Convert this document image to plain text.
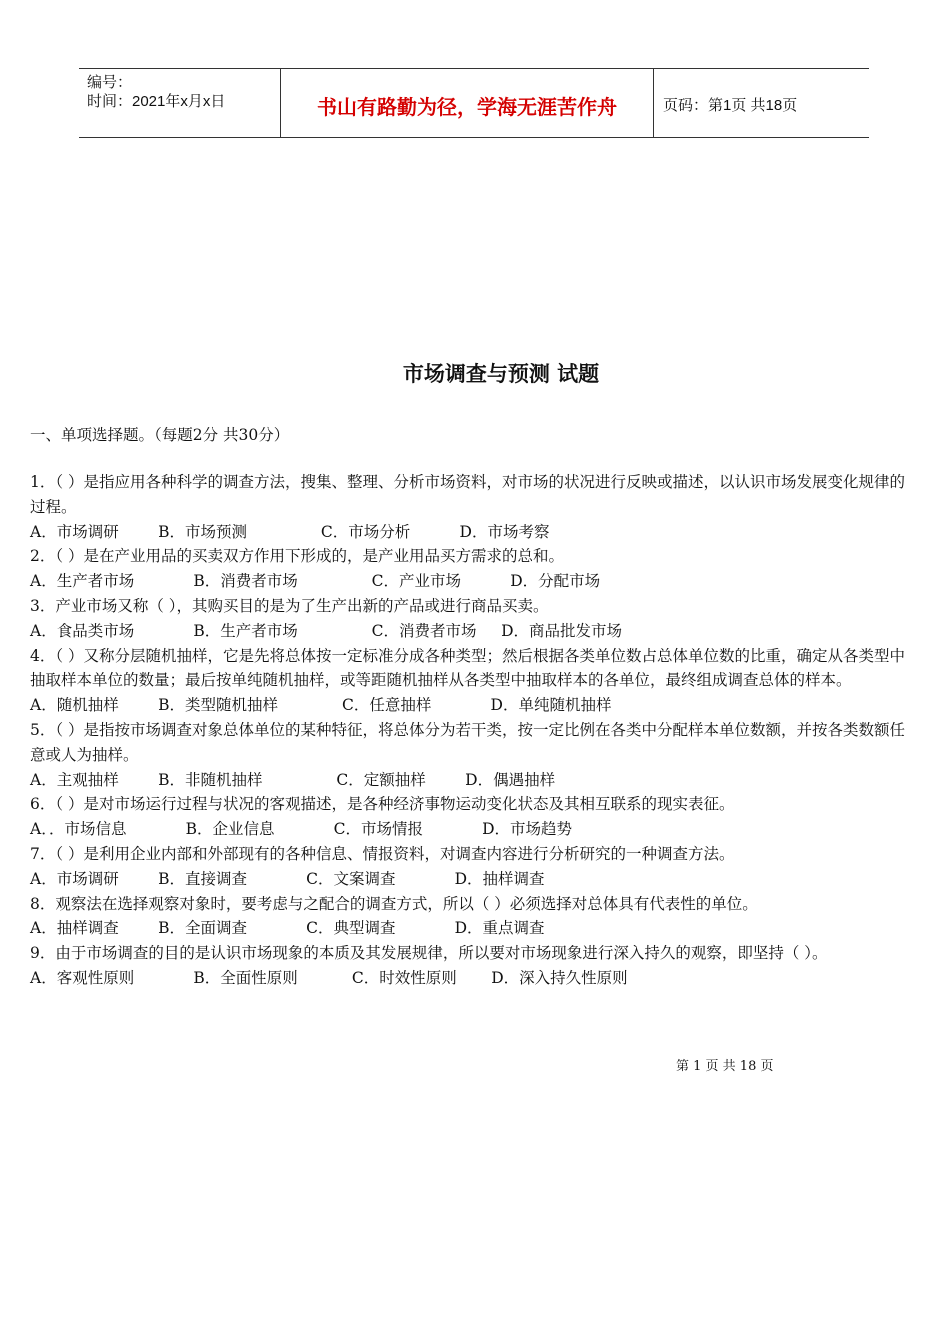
编号：
时间：2021年x月x日	书山有路勤为径，学海无涯苦作舟	页码：第1页 共18页
市场调查与预测 试题
一、单项选择题。（每题2分 共30分）

1．（ ）是指应用各种科学的调查方法，搜集、整理、分析市场资料，对市场的状况进行反映或描述，以认识市场发展变化规律的过程。

A．市场调研        B．市场预测               C．市场分析          D．市场考察

2．（ ）是在产业用品的买卖双方作用下形成的，是产业用品买方需求的总和。

A．生产者市场            B．消费者市场               C．产业市场          D．分配市场

3．产业市场又称（ ），其购买目的是为了生产出新的产品或进行商品买卖。

A．食品类市场            B．生产者市场               C．消费者市场     D．商品批发市场

4．（ ）又称分层随机抽样，它是先将总体按一定标准分成各种类型；然后根据各类单位数占总体单位数的比重，确定从各类型中抽取样本单位的数量；最后按单纯随机抽样，或等距随机抽样从各类型中抽取样本的各单位，最终组成调查总体的样本。

A．随机抽样        B．类型随机抽样             C．任意抽样            D．单纯随机抽样

5．（ ）是指按市场调查对象总体单位的某种特征，将总体分为若干类，按一定比例在各类中分配样本单位数额，并按各类数额任意或人为抽样。

A．主观抽样        B．非随机抽样               C．定额抽样        D．偶遇抽样

6．（ ）是对市场运行过程与状况的客观描述，是各种经济事物运动变化状态及其相互联系的现实表征。

A．．市场信息            B．企业信息            C．市场情报            D．市场趋势

7．（ ）是利用企业内部和外部现有的各种信息、情报资料，对调查内容进行分析研究的一种调查方法。

A．市场调研        B．直接调查            C．文案调查            D．抽样调查

8．观察法在选择观察对象时，要考虑与之配合的调查方式，所以（ ）必须选择对总体具有代表性的单位。

A．抽样调查        B．全面调查            C．典型调查            D．重点调查

9．由于市场调查的目的是认识市场现象的本质及其发展规律，所以要对市场现象进行深入持久的观察，即坚持（ ）。

A．客观性原则            B．全面性原则           C．时效性原则       D．深入持久性原则

第 1 页 共 18 页
